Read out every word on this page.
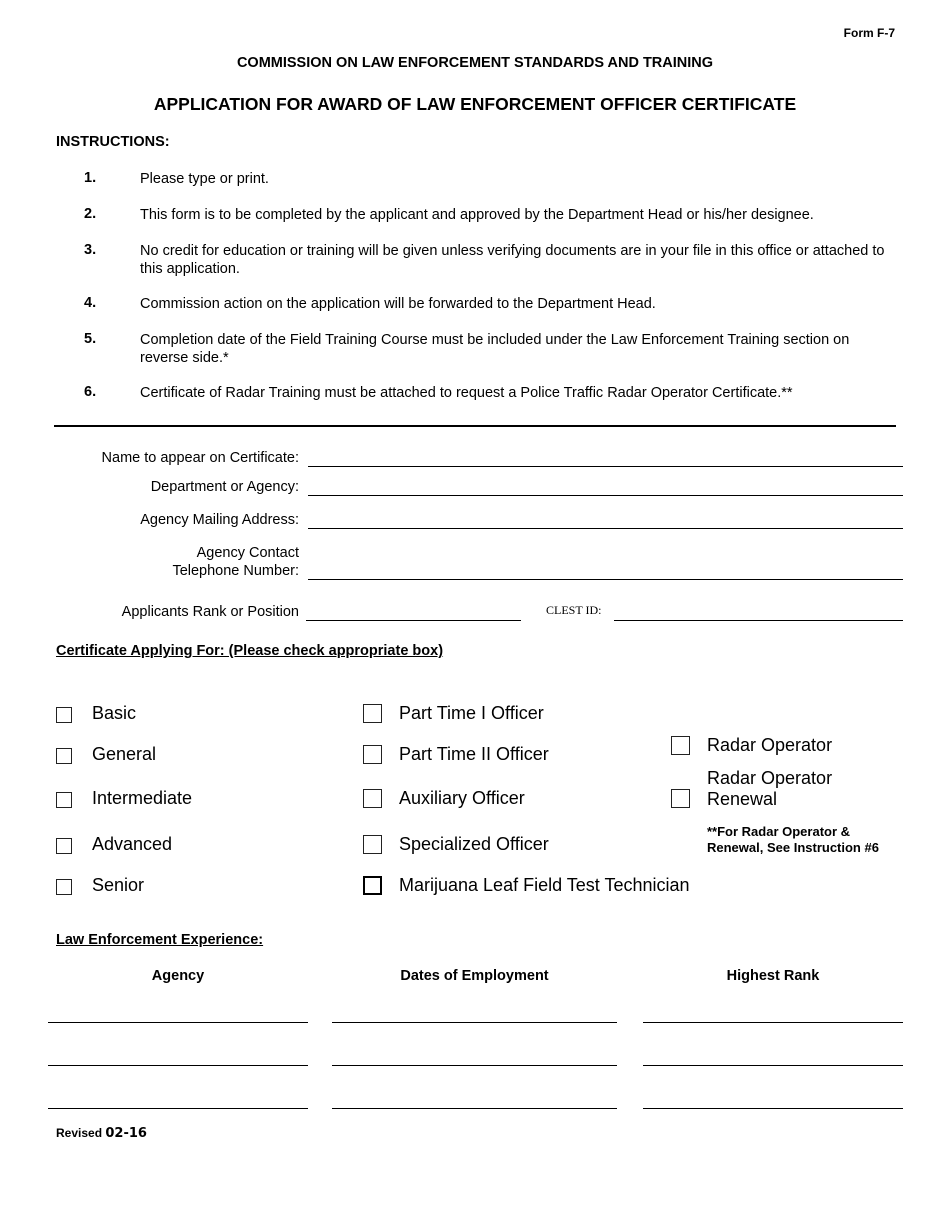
Form F-7
COMMISSION ON LAW ENFORCEMENT STANDARDS AND TRAINING
APPLICATION FOR AWARD OF LAW ENFORCEMENT OFFICER CERTIFICATE
INSTRUCTIONS:
1.	Please type or print.
2.	This form is to be completed by the applicant and approved by the Department Head or his/her designee.
3.	No credit for education or training will be given unless verifying documents are in your file in this office or attached to this application.
4.	Commission action on the application will be forwarded to the Department Head.
5.	Completion date of the Field Training Course must be included under the Law Enforcement Training section on reverse side.*
6.	Certificate of Radar Training must be attached to request a Police Traffic Radar Operator Certificate.**
Name to appear on Certificate:
Department or Agency:
Agency Mailing Address:
Agency Contact
Telephone Number:
Applicants Rank or Position	CLEST ID:
Certificate Applying For: (Please check appropriate box)
Basic
General
Intermediate
Advanced
Senior
Part Time I Officer
Part Time II Officer
Auxiliary Officer
Specialized Officer
Marijuana Leaf Field Test Technician
Radar Operator
Radar Operator
Renewal
**For Radar Operator &
Renewal, See Instruction #6
Law Enforcement Experience:
Agency	Dates of Employment	Highest Rank
Revised 02-16
